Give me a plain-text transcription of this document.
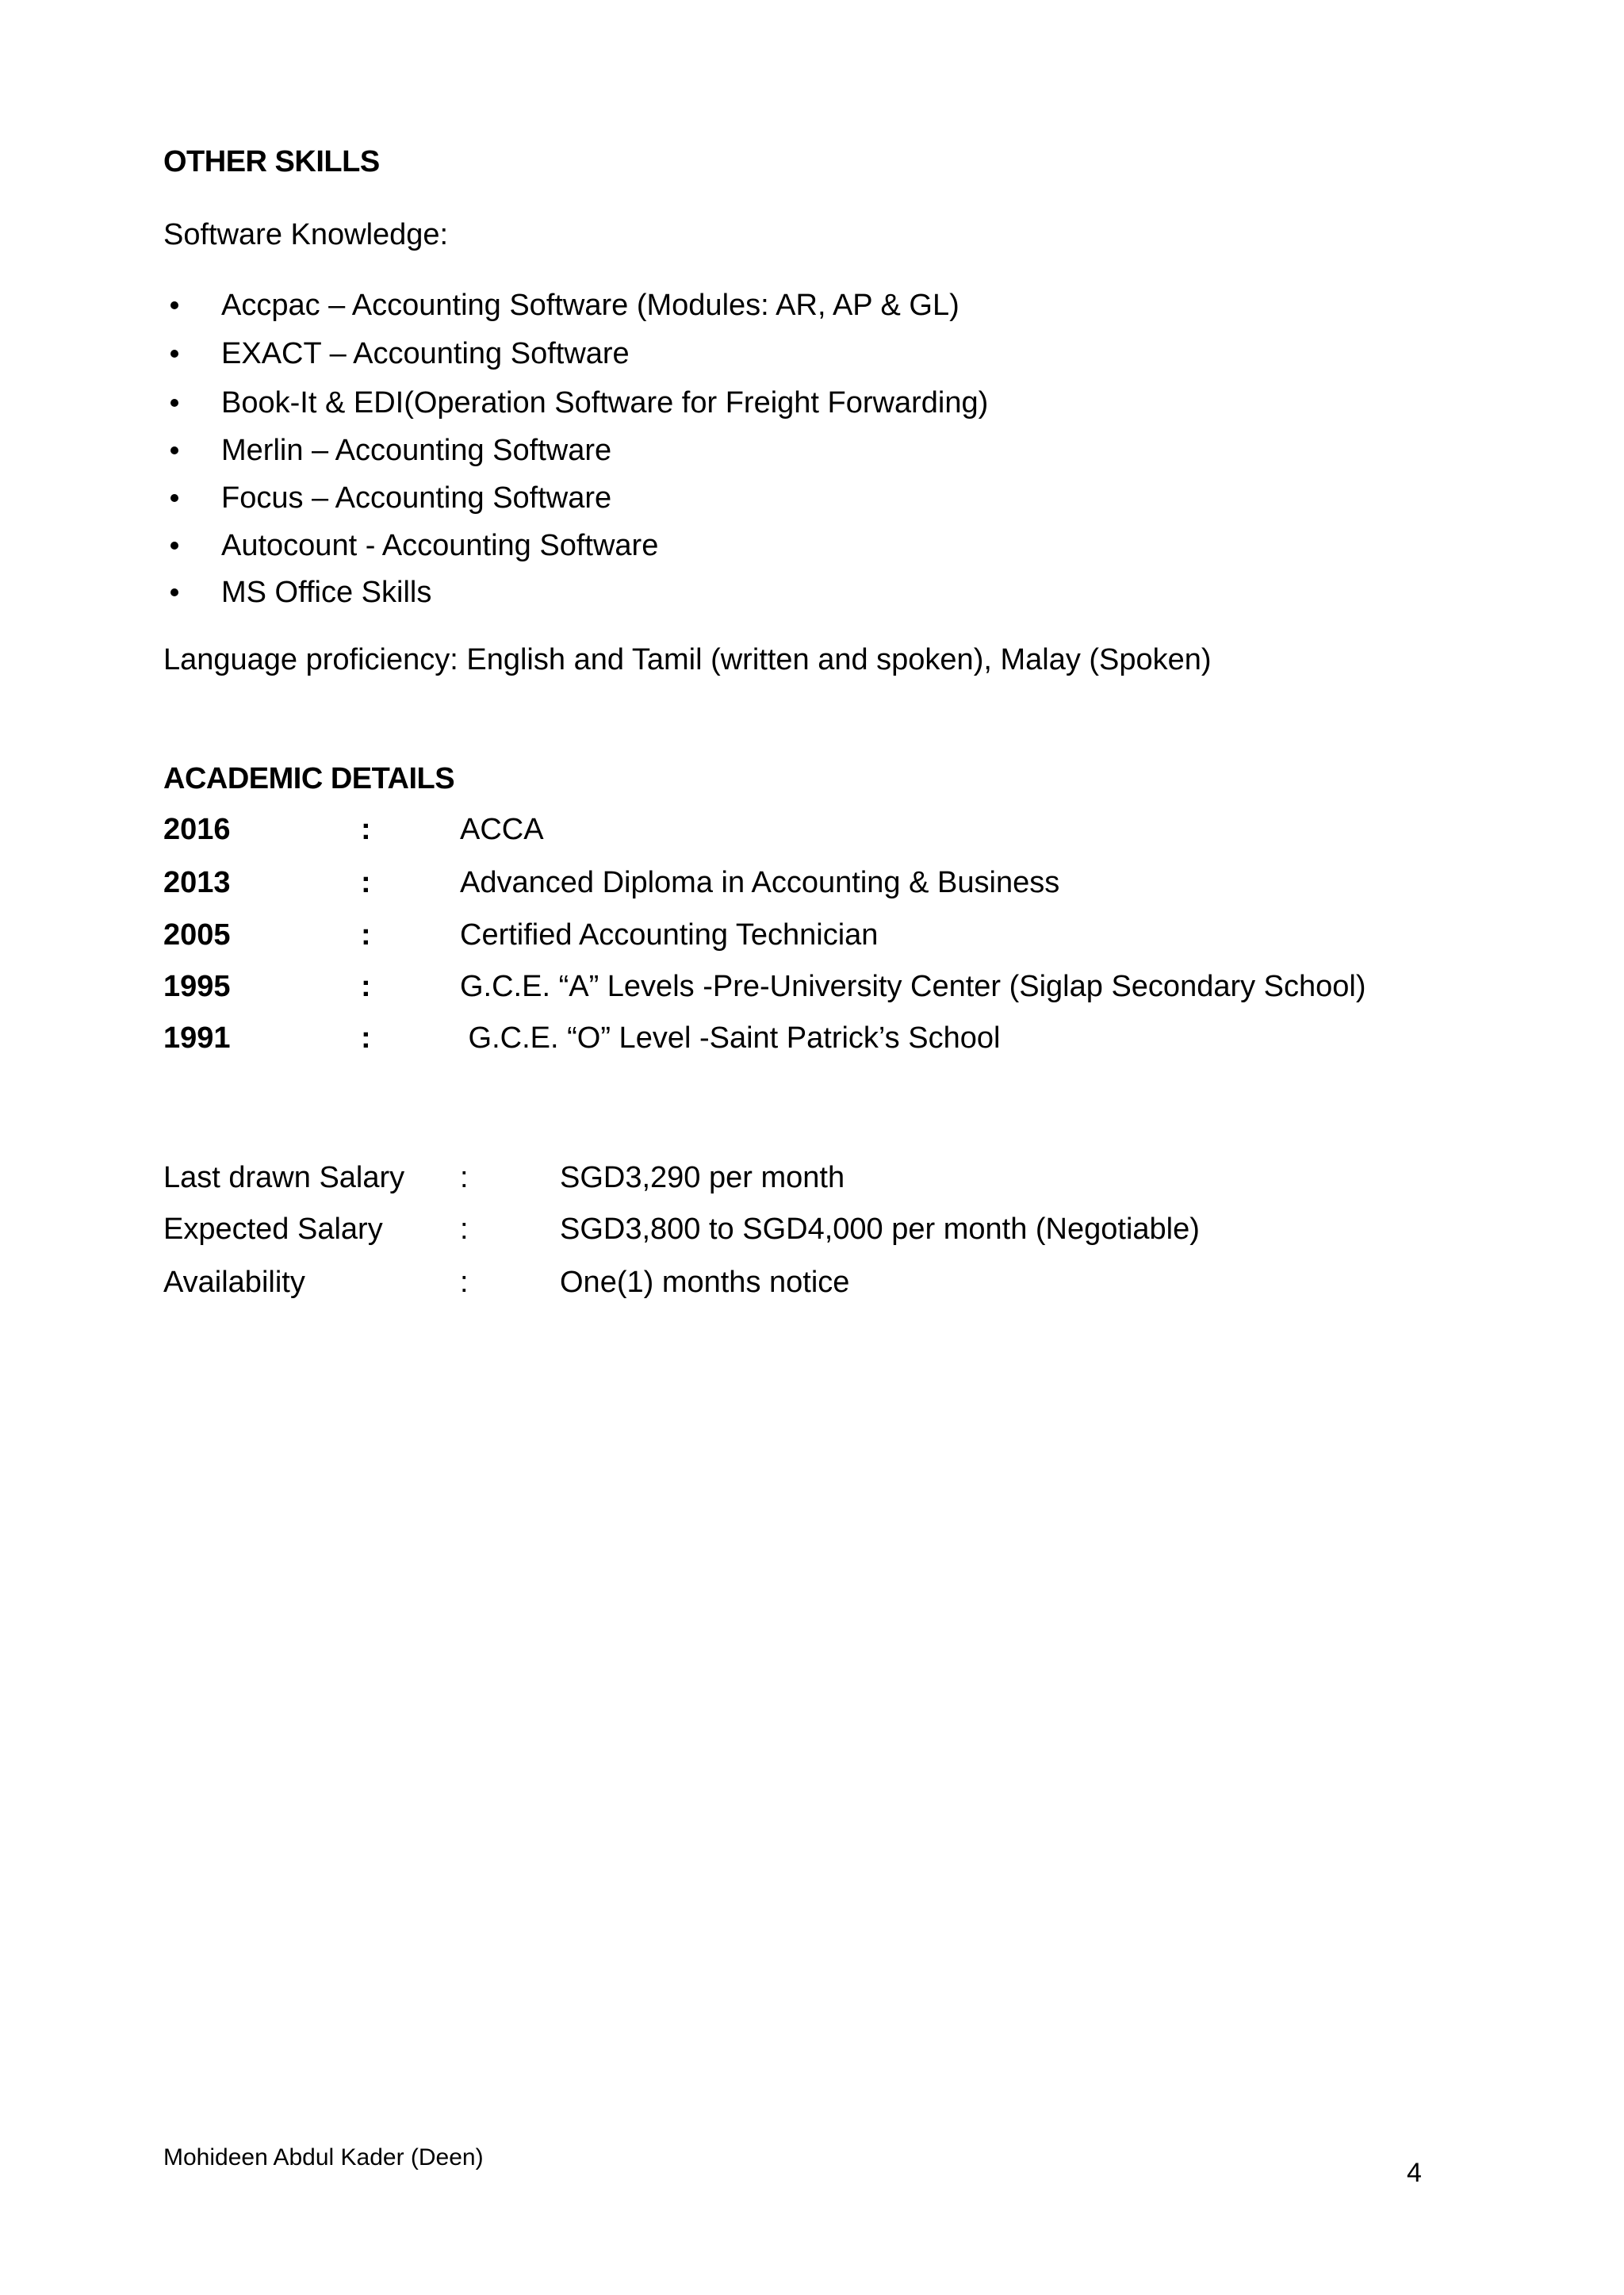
OTHER SKILLS
Software Knowledge:
Accpac – Accounting Software (Modules: AR, AP & GL)
EXACT – Accounting Software
Book-It & EDI(Operation Software for Freight Forwarding)
Merlin – Accounting Software
Focus – Accounting Software
Autocount - Accounting Software
MS Office Skills
Language proficiency: English and Tamil (written and spoken), Malay (Spoken)
ACADEMIC DETAILS
2016	:	ACCA
2013	:	Advanced Diploma in Accounting & Business
2005	:	Certified Accounting Technician
1995	:	G.C.E. “A” Levels -Pre-University Center (Siglap Secondary School)
1991	:	G.C.E. “O” Level -Saint Patrick’s School
Last drawn Salary :	SGD3,290 per month
Expected Salary	:	SGD3,800 to SGD4,000 per month (Negotiable)
Availability	:	One(1) months notice
Mohideen Abdul Kader (Deen)
4
